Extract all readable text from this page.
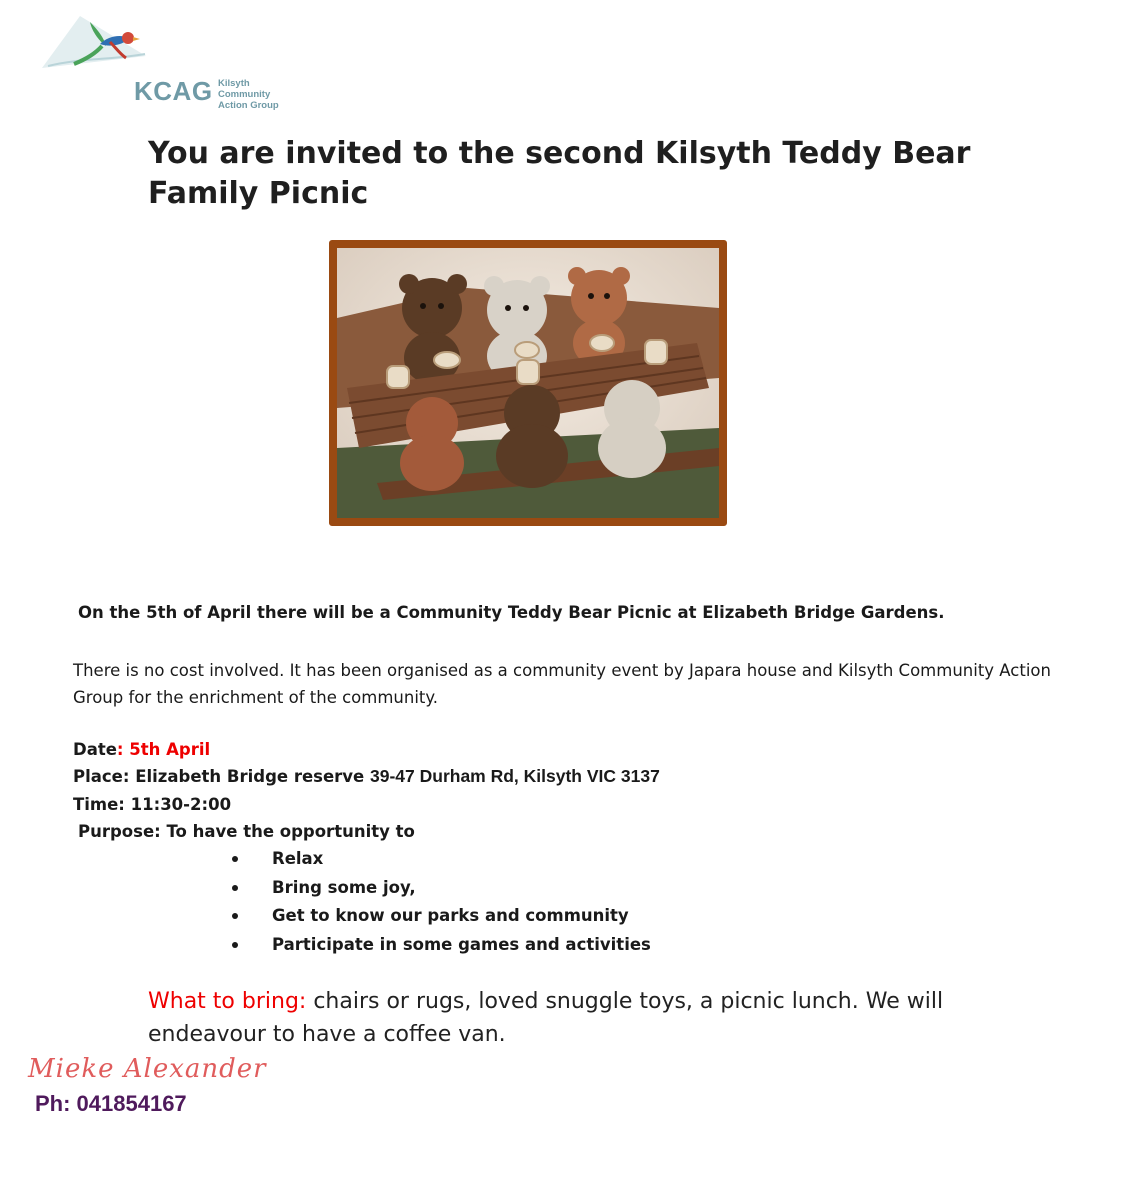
KCAG Kilsyth Community
Action Group
You are invited to the second Kilsyth Teddy Bear Family Picnic
On the 5th of April there will be a Community Teddy Bear Picnic at Elizabeth Bridge Gardens.
There is no cost involved. It has been organised as a community event by Japara house and Kilsyth Community Action Group for the enrichment of the community.
Date: 5th April
Place: Elizabeth Bridge reserve 39-47 Durham Rd, Kilsyth VIC 3137
Time: 11:30-2:00
Purpose: To have the opportunity to
Relax
Bring some joy,
Get to know our parks and community
Participate in some games and activities
What to bring: chairs or rugs, loved snuggle toys, a picnic lunch. We will endeavour to have a coffee van.
Mieke Alexander
Ph: 041854167
